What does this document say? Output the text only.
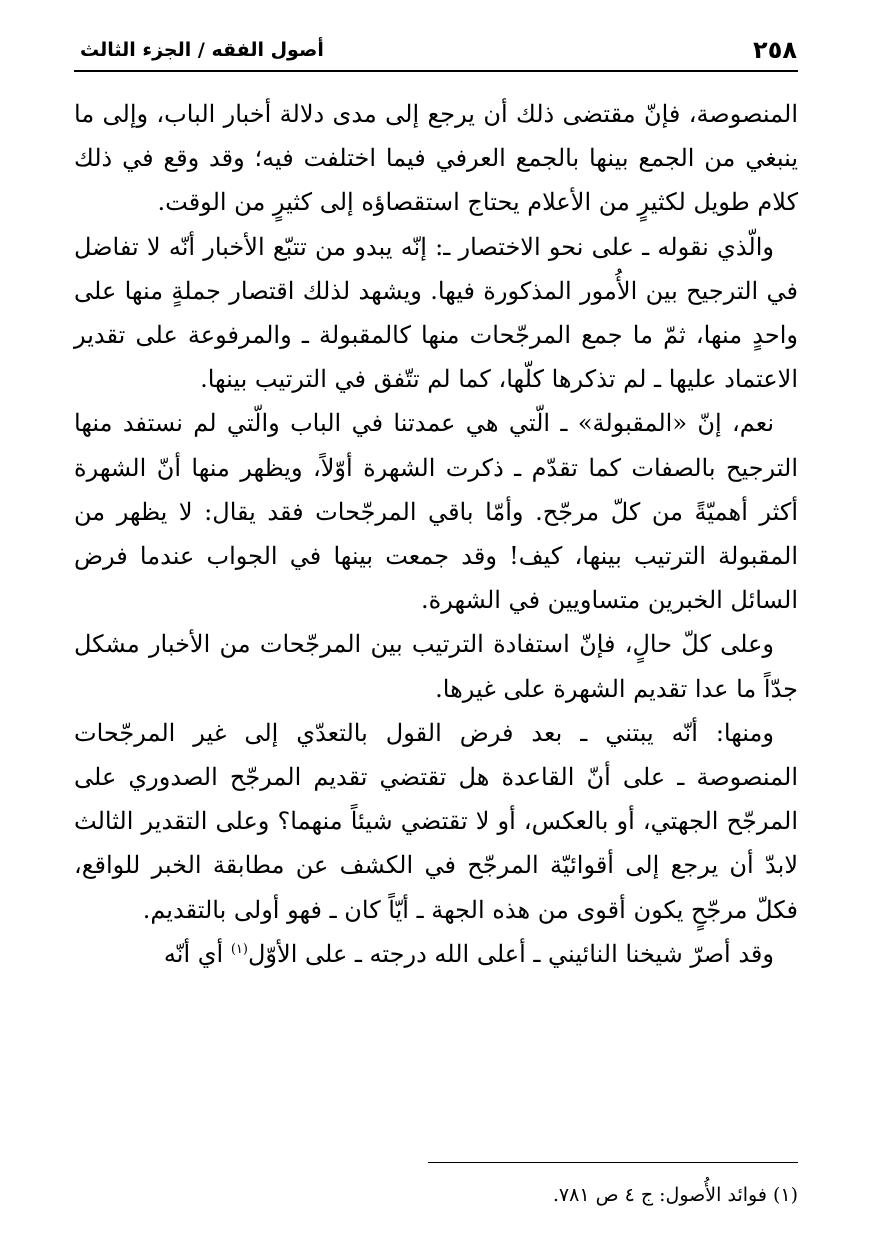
٢٥٨
أصول الفقه / الجزء الثالث

المنصوصة، فإنّ مقتضى ذلك أن يرجع إلى مدى دلالة أخبار الباب، وإلى ما ينبغي من الجمع بينها بالجمع العرفي فيما اختلفت فيه؛ وقد وقع في ذلك كلام طويل لكثيرٍ من الأعلام يحتاج استقصاؤه إلى كثيرٍ من الوقت.

والّذي نقوله ـ على نحو الاختصار ـ: إنّه يبدو من تتبّع الأخبار أنّه لا تفاضل في الترجيح بين الأُمور المذكورة فيها. ويشهد لذلك اقتصار جملةٍ منها على واحدٍ منها، ثمّ ما جمع المرجّحات منها كالمقبولة ـ والمرفوعة على تقدير الاعتماد عليها ـ لم تذكرها كلّها، كما لم تتّفق في الترتيب بينها.

نعم، إنّ «المقبولة» ـ الّتي هي عمدتنا في الباب والّتي لم نستفد منها الترجيح بالصفات كما تقدّم ـ ذكرت الشهرة أوّلاً، ويظهر منها أنّ الشهرة أكثر أهميّةً من كلّ مرجّح. وأمّا باقي المرجّحات فقد يقال: لا يظهر من المقبولة الترتيب بينها، كيف! وقد جمعت بينها في الجواب عندما فرض السائل الخبرين متساويين في الشهرة.

وعلى كلّ حالٍ، فإنّ استفادة الترتيب بين المرجّحات من الأخبار مشكل جدّاً ما عدا تقديم الشهرة على غيرها.

ومنها: أنّه يبتني ـ بعد فرض القول بالتعدّي إلى غير المرجّحات المنصوصة ـ على أنّ القاعدة هل تقتضي تقديم المرجّح الصدوري على المرجّح الجهتي، أو بالعكس، أو لا تقتضي شيئاً منهما؟ وعلى التقدير الثالث لابدّ أن يرجع إلى أقوائيّة المرجّح في الكشف عن مطابقة الخبر للواقع، فكلّ مرجّحٍ يكون أقوى من هذه الجهة ـ أيّاً كان ـ فهو أولى بالتقديم.

وقد أصرّ شيخنا النائيني ـ أعلى الله درجته ـ على الأوّل$^{(١)}$ أي أنّه

(١) فوائد الأُصول: ج ٤ ص ٧٨١.
